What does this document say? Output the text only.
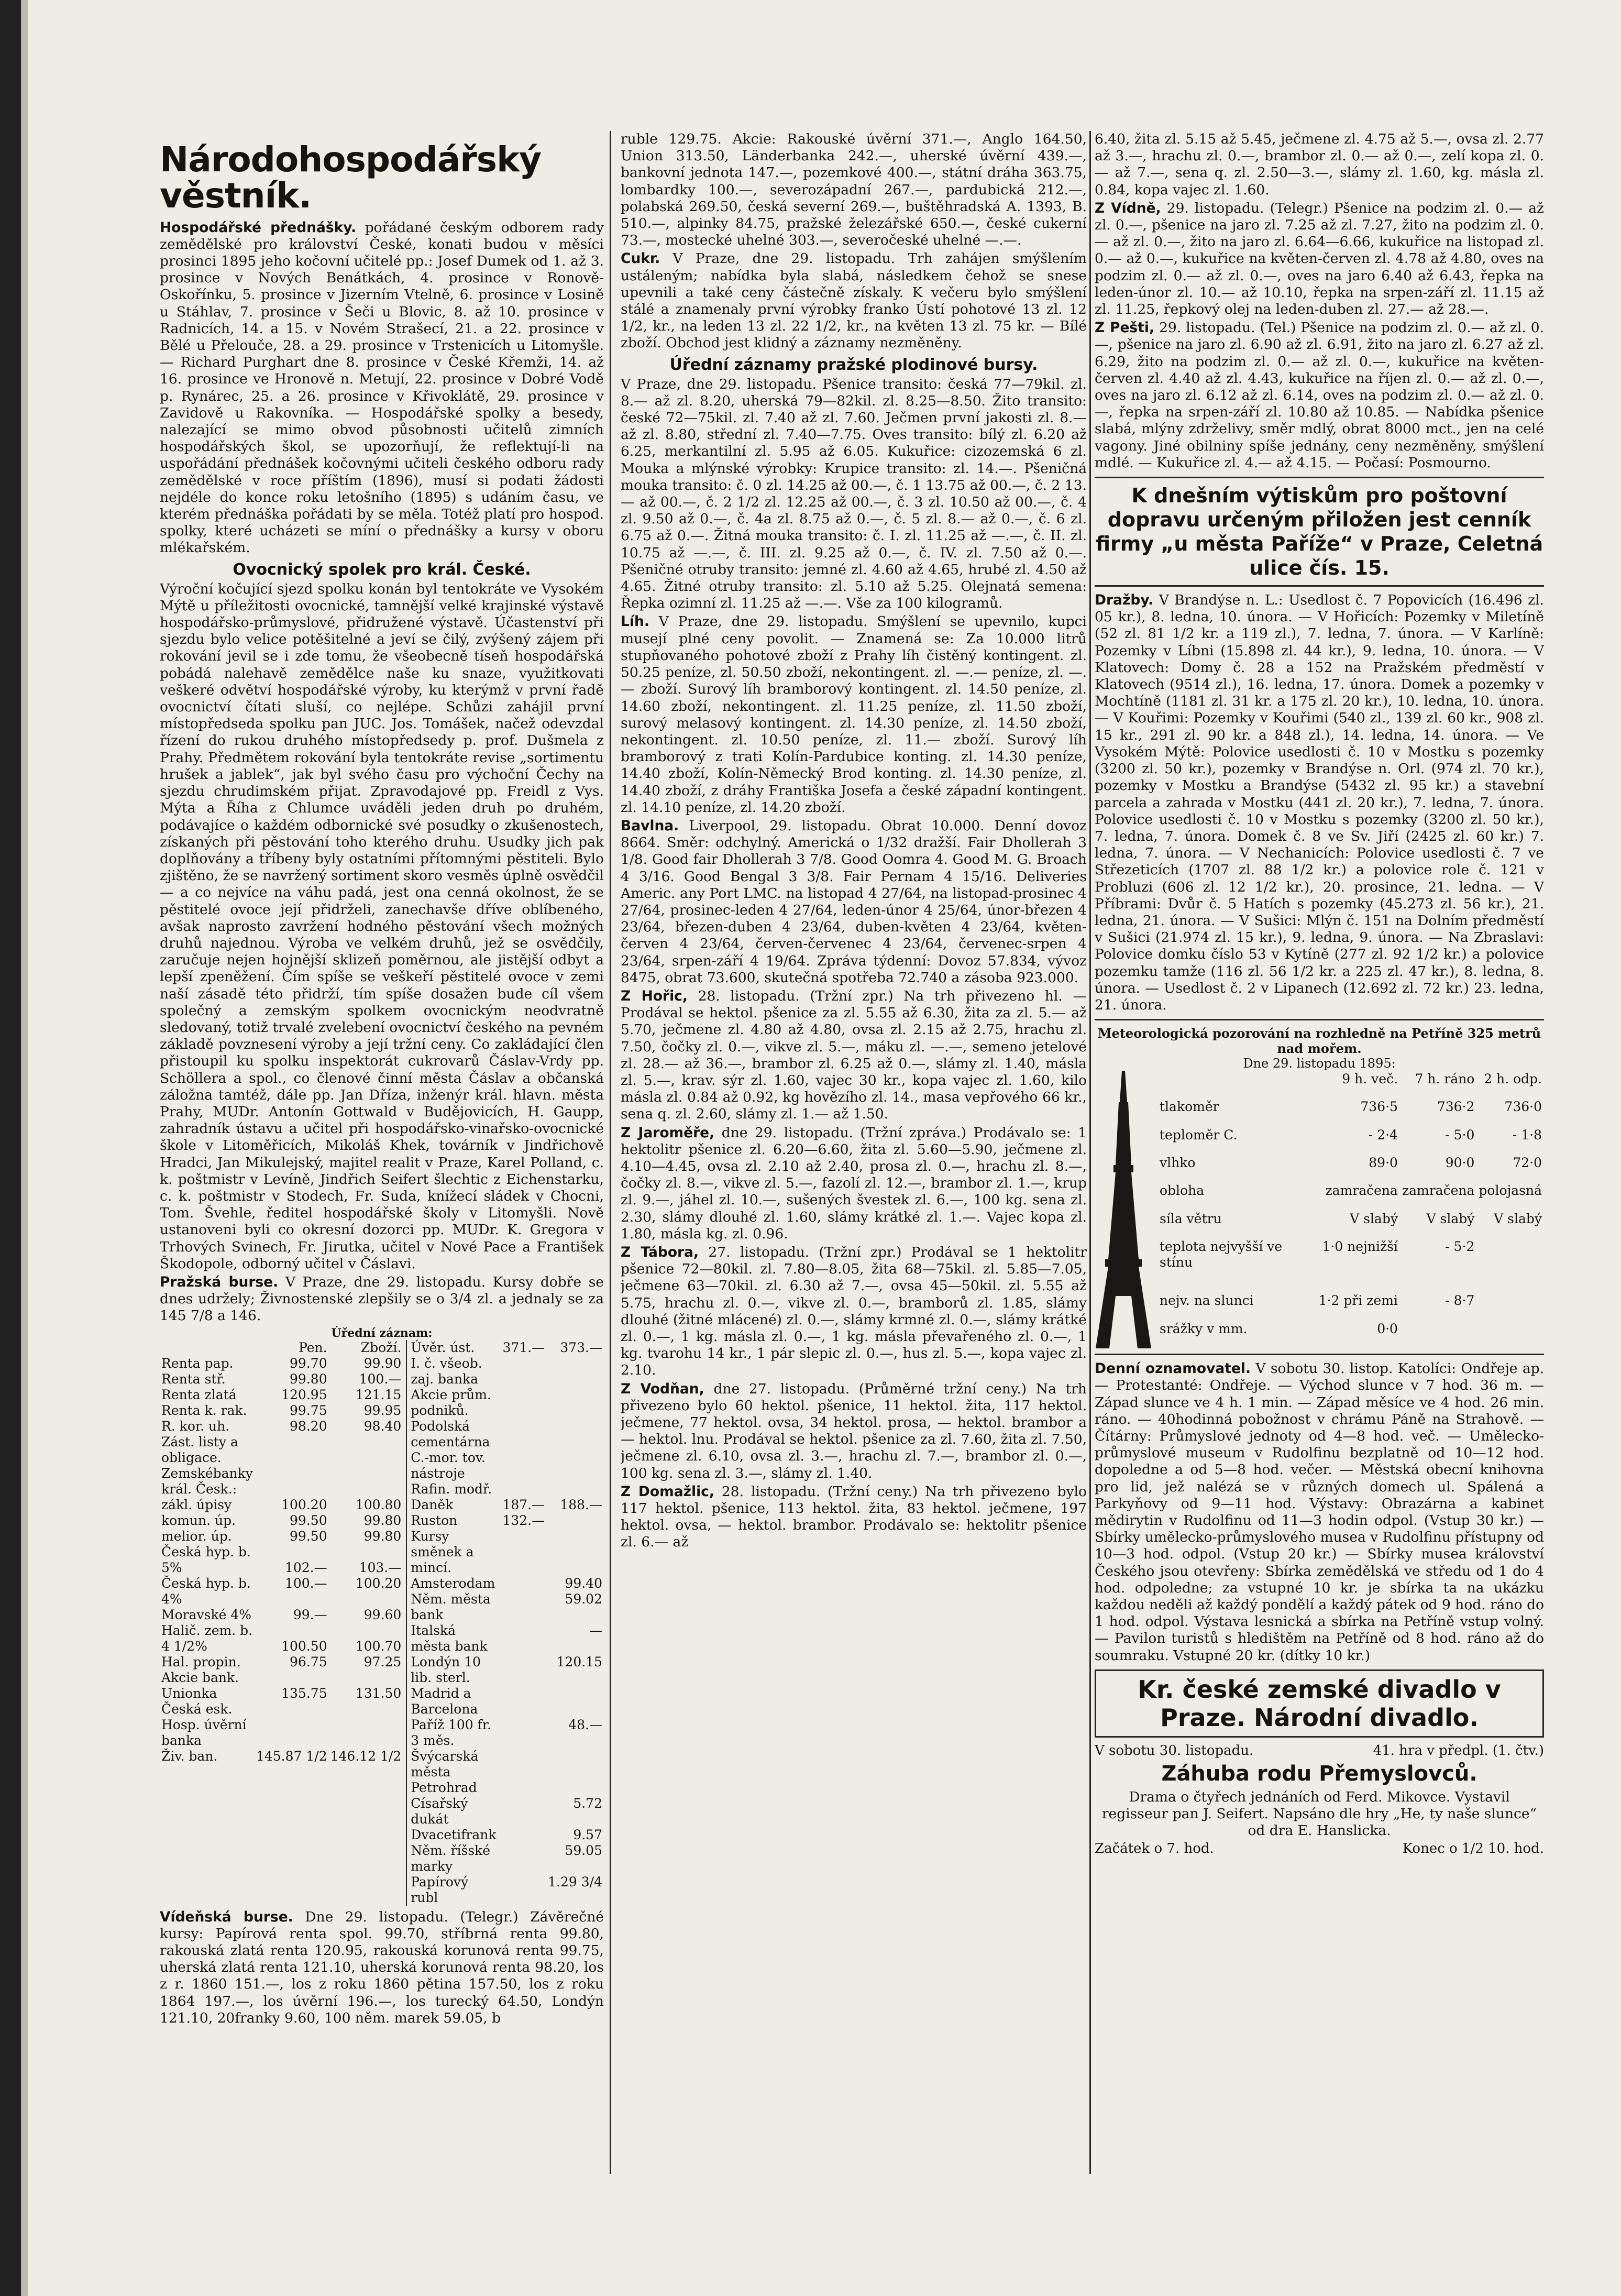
Národohospodářský věstník.

Hospodářské přednášky. pořádané českým odborem rady zemědělské pro království České, konati budou v měsíci prosinci 1895 jeho kočovní učitelé pp.: Josef Dumek od 1. až 3. prosince v Nových Benátkách, 4. prosince v Ronově-Oskořínku, 5. prosince v Jizerním Vtelně, 6. prosince v Losině u Stáhlav, 7. prosince v Šeči u Blovic, 8. až 10. prosince v Radnicích, 14. a 15. v Novém Strašecí, 21. a 22. prosince v Bělé u Přelouče, 28. a 29. prosince v Trstenicích u Litomyšle. — Richard Purghart dne 8. prosince v České Křemži, 14. až 16. prosince ve Hronově n. Metují, 22. prosince v Dobré Vodě p. Rynárec, 25. a 26. prosince v Křivoklátě, 29. prosince v Zavidově u Rakovníka. — Hospodářské spolky a besedy, nalezající se mimo obvod působnosti učitelů zimních hospodářských škol, se upozorňují, že reflektují-li na uspořádání přednášek kočovnými učiteli českého odboru rady zemědělské v roce příštím (1896), musí si podati žádosti nejdéle do konce roku letošního (1895) s udáním času, ve kterém přednáška pořádati by se měla. Totéž platí pro hospod. spolky, které ucházeti se míní o přednášky a kursy v oboru mlékařském.

Ovocnický spolek pro král. České.

Výroční kočující sjezd spolku konán byl tentokráte ve Vysokém Mýtě u příležitosti ovocnické, tamnější velké krajinské výstavě hospodářsko-průmyslové, přidružené výstavě. Účastenství při sjezdu bylo velice potěšitelné a jeví se čilý, zvýšený zájem při rokování jevil se i zde tomu, že všeobecně tíseň hospodářská pobádá nalehavě zemědělce naše ku snaze, využitkovati veškeré odvětví hospodářské výroby, ku kterýmž v první řadě ovocnictví čítati sluší, co nejlépe. Schůzi zahájil první místopředseda spolku pan JUC. Jos. Tomášek, načež odevzdal řízení do rukou druhého místopředsedy p. prof. Dušmela z Prahy. Předmětem rokování byla tentokráte revise „sortimentu hrušek a jablek“, jak byl svého času pro výchoční Čechy na sjezdu chrudimském přijat. Zpravodajové pp. Freidl z Vys. Mýta a Říha z Chlumce uváděli jeden druh po druhém, podávajíce o každém odbornické své posudky o zkušenostech, získaných při pěstování toho kterého druhu. Usudky jich pak doplňovány a tříbeny byly ostatními přítomnými pěstiteli. Bylo zjištěno, že se navržený sortiment skoro vesměs úplně osvědčil — a co nejvíce na váhu padá, jest ona cenná okolnost, že se pěstitelé ovoce její přidrželi, zanechavše dříve oblíbeného, avšak naprosto zavržení hodného pěstování všech možných druhů najednou. Výroba ve velkém druhů, jež se osvědčily, zaručuje nejen hojnější sklizeň poměrnou, ale jistější odbyt a lepší zpeněžení. Čím spíše se veškeří pěstitelé ovoce v zemi naší zásadě této přidrží, tím spíše dosažen bude cíl všem společný a zemským spolkem ovocnickým neodvratně sledovaný, totiž trvalé zvelebení ovocnictví českého na pevném základě povznesení výroby a její tržní ceny. Co zakládající člen přistoupil ku spolku inspektorát cukrovarů Čáslav-Vrdy pp. Schöllera a spol., co členové činní města Čáslav a občanská záložna tamtéž, dále pp. Jan Dříza, inženýr král. hlavn. města Prahy, MUDr. Antonín Gottwald v Budějovicích, H. Gaupp, zahradník ústavu a učitel při hospodářsko-vinařsko-ovocnické škole v Litoměřicích, Mikoláš Khek, továrník v Jindřichově Hradci, Jan Mikulejský, majitel realit v Praze, Karel Polland, c. k. poštmistr v Levíně, Jindřich Seifert šlechtic z Eichenstarku, c. k. poštmistr v Stodech, Fr. Suda, knížecí sládek v Chocni, Tom. Švehle, ředitel hospodářské školy v Litomyšli. Nově ustanoveni byli co okresní dozorci pp. MUDr. K. Gregora v Trhových Svinech, Fr. Jirutka, učitel v Nové Pace a František Škodopole, odborný učitel v Čáslavi.

Pražská burse. V Praze, dne 29. listopadu. Kursy dobře se dnes udržely; Živnostenské zlepšily se o 3/4 zl. a jednaly se za 145 7/8 a 146.

Úřední záznam:
	Pen.	Zboží.
Renta pap.	99.70	99.90
Renta stř.	99.80	100.—
Renta zlatá	120.95	121.15
Renta k. rak.	99.75	99.95
R. kor. uh.	98.20	98.40
Zást. listy a obligace.		
Zemskébanky král. Česk.:		
zákl. úpisy	100.20	100.80
komun. úp.	99.50	99.80
melior. úp.	99.50	99.80
Česká hyp. b.		
5%	102.—	103.—
Česká hyp. b. 4%	100.—	100.20
Moravské 4%	99.—	99.60
Halič. zem. b.		
4 1/2%	100.50	100.70
Hal. propin.	96.75	97.25
Akcie bank.		
Unionka	135.75	131.50
Česká esk.		
Hosp. úvěrní banka		
Živ. ban.	145.87 1/2	146.12 1/2
Úvěr. úst.	371.—	373.—
I. č. všeob. zaj. banka		
Akcie prům. podniků.		
Podolská cementárna		
C.-mor. tov. nástroje		
Rafin. modř.		
Daněk	187.—	188.—
Ruston	132.—	
Kursy směnek a mincí.		
Amsterodam		99.40
Něm. města bank		59.02
Italská města bank		—
Londýn 10 lib. sterl.		120.15
Madrid a Barcelona		
Paříž 100 fr. 3 měs.		48.—
Švýcarská města		
Petrohrad		
Císařský dukát		5.72
Dvacetifrank		9.57
Něm. říšské marky		59.05
Papírový rubl		1.29 3/4

Vídeňská burse. Dne 29. listopadu. (Telegr.) Závěrečné kursy: Papírová renta spol. 99.70, stříbrná renta 99.80, rakouská zlatá renta 120.95, rakouská korunová renta 99.75, uherská zlatá renta 121.10, uherská korunová renta 98.20, los z r. 1860 151.—, los z roku 1860 pětina 157.50, los z roku 1864 197.—, los úvěrní 196.—, los turecký 64.50, Londýn 121.10, 20franky 9.60, 100 něm. marek 59.05, b

ruble 129.75. Akcie: Rakouské úvěrní 371.—, Anglo 164.50, Union 313.50, Länderbanka 242.—, uherské úvěrní 439.—, bankovní jednota 147.—, pozemkové 400.—, státní dráha 363.75, lombardky 100.—, severozápadní 267.—, pardubická 212.—, polabská 269.50, česká severní 269.—, buštěhradská A. 1393, B. 510.—, alpinky 84.75, pražské železářské 650.—, české cukerní 73.—, mostecké uhelné 303.—, severočeské uhelné —.—.

Cukr. V Praze, dne 29. listopadu. Trh zahájen smýšlením ustáleným; nabídka byla slabá, následkem čehož se snese upevnili a také ceny částečně získaly. K večeru bylo smýšlení stálé a znamenaly první výrobky franko Ústí pohotové 13 zl. 12 1/2, kr., na leden 13 zl. 22 1/2, kr., na květen 13 zl. 75 kr. — Bílé zboží. Obchod jest klidný a záznamy nezměněny.

Úřední záznamy pražské plodinové bursy.

V Praze, dne 29. listopadu. Pšenice transito: česká 77—79kil. zl. 8.— až zl. 8.20, uherská 79—82kil. zl. 8.25—8.50. Žito transito: české 72—75kil. zl. 7.40 až zl. 7.60. Ječmen první jakosti zl. 8.— až zl. 8.80, střední zl. 7.40—7.75. Oves transito: bílý zl. 6.20 až 6.25, merkantilní zl. 5.95 až 6.05. Kukuřice: cizozemská 6 zl. Mouka a mlýnské výrobky: Krupice transito: zl. 14.—. Pšeničná mouka transito: č. 0 zl. 14.25 až 00.—, č. 1 13.75 až 00.—, č. 2 13.— až 00.—, č. 2 1/2 zl. 12.25 až 00.—, č. 3 zl. 10.50 až 00.—, č. 4 zl. 9.50 až 0.—, č. 4a zl. 8.75 až 0.—, č. 5 zl. 8.— až 0.—, č. 6 zl. 6.75 až 0.—. Žitná mouka transito: č. I. zl. 11.25 až —.—, č. II. zl. 10.75 až —.—, č. III. zl. 9.25 až 0.—, č. IV. zl. 7.50 až 0.—. Pšeničné otruby transito: jemné zl. 4.60 až 4.65, hrubé zl. 4.50 až 4.65. Žitné otruby transito: zl. 5.10 až 5.25. Olejnatá semena: Řepka ozimní zl. 11.25 až —.—. Vše za 100 kilogramů.

Líh. V Praze, dne 29. listopadu. Smýšlení se upevnilo, kupci musejí plné ceny povolit. — Znamená se: Za 10.000 litrů stupňovaného pohotové zboží z Prahy líh čistěný kontingent. zl. 50.25 peníze, zl. 50.50 zboží, nekontingent. zl. —.— peníze, zl. —.— zboží. Surový líh bramborový kontingent. zl. 14.50 peníze, zl. 14.60 zboží, nekontingent. zl. 11.25 peníze, zl. 11.50 zboží, surový melasový kontingent. zl. 14.30 peníze, zl. 14.50 zboží, nekontingent. zl. 10.50 peníze, zl. 11.— zboží. Surový líh bramborový z trati Kolín-Pardubice konting. zl. 14.30 peníze, 14.40 zboží, Kolín-Německý Brod konting. zl. 14.30 peníze, zl. 14.40 zboží, z dráhy Františka Josefa a české západní kontingent. zl. 14.10 peníze, zl. 14.20 zboží.

Bavlna. Liverpool, 29. listopadu. Obrat 10.000. Denní dovoz 8664. Směr: odchylný. Americká o 1/32 dražší. Fair Dhollerah 3 1/8. Good fair Dhollerah 3 7/8. Good Oomra 4. Good M. G. Broach 4 3/16. Good Bengal 3 3/8. Fair Pernam 4 15/16. Deliveries Americ. any Port LMC. na listopad 4 27/64, na listopad-prosinec 4 27/64, prosinec-leden 4 27/64, leden-únor 4 25/64, únor-březen 4 23/64, březen-duben 4 23/64, duben-květen 4 23/64, květen-červen 4 23/64, červen-červenec 4 23/64, červenec-srpen 4 23/64, srpen-září 4 19/64. Zpráva týdenní: Dovoz 57.834, vývoz 8475, obrat 73.600, skutečná spotřeba 72.740 a zásoba 923.000.

Z Hořic, 28. listopadu. (Tržní zpr.) Na trh přivezeno hl. — Prodával se hektol. pšenice za zl. 5.55 až 6.30, žita za zl. 5.— až 5.70, ječmene zl. 4.80 až 4.80, ovsa zl. 2.15 až 2.75, hrachu zl. 7.50, čočky zl. 0.—, vikve zl. 5.—, máku zl. —.—, semeno jetelové zl. 28.— až 36.—, brambor zl. 6.25 až 0.—, slámy zl. 1.40, másla zl. 5.—, krav. sýr zl. 1.60, vajec 30 kr., kopa vajec zl. 1.60, kilo másla zl. 0.84 až 0.92, kg hovězího zl. 14., masa vepřového 66 kr., sena q. zl. 2.60, slámy zl. 1.— až 1.50.

Z Jaroměře, dne 29. listopadu. (Tržní zpráva.) Prodávalo se: 1 hektolitr pšenice zl. 6.20—6.60, žita zl. 5.60—5.90, ječmene zl. 4.10—4.45, ovsa zl. 2.10 až 2.40, prosa zl. 0.—, hrachu zl. 8.—, čočky zl. 8.—, vikve zl. 5.—, fazolí zl. 12.—, brambor zl. 1.—, krup zl. 9.—, jáhel zl. 10.—, sušených švestek zl. 6.—, 100 kg. sena zl. 2.30, slámy dlouhé zl. 1.60, slámy krátké zl. 1.—. Vajec kopa zl. 1.80, másla kg. zl. 0.96.

Z Tábora, 27. listopadu. (Tržní zpr.) Prodával se 1 hektolitr pšenice 72—80kil. zl. 7.80—8.05, žita 68—75kil. zl. 5.85—7.05, ječmene 63—70kil. zl. 6.30 až 7.—, ovsa 45—50kil. zl. 5.55 až 5.75, hrachu zl. 0.—, vikve zl. 0.—, bramborů zl. 1.85, slámy dlouhé (žitné mlácené) zl. 0.—, slámy krmné zl. 0.—, slámy krátké zl. 0.—, 1 kg. másla zl. 0.—, 1 kg. másla převařeného zl. 0.—, 1 kg. tvarohu 14 kr., 1 pár slepic zl. 0.—, hus zl. 5.—, kopa vajec zl. 2.10.

Z Vodňan, dne 27. listopadu. (Průměrné tržní ceny.) Na trh přivezeno bylo 60 hektol. pšenice, 11 hektol. žita, 117 hektol. ječmene, 77 hektol. ovsa, 34 hektol. prosa, — hektol. brambor a — hektol. lnu. Prodával se hektol. pšenice za zl. 7.60, žita zl. 7.50, ječmene zl. 6.10, ovsa zl. 3.—, hrachu zl. 7.—, brambor zl. 0.—, 100 kg. sena zl. 3.—, slámy zl. 1.40.

Z Domažlic, 28. listopadu. (Tržní ceny.) Na trh přivezeno bylo 117 hektol. pšenice, 113 hektol. žita, 83 hektol. ječmene, 197 hektol. ovsa, — hektol. brambor. Prodávalo se: hektolitr pšenice zl. 6.— až

6.40, žita zl. 5.15 až 5.45, ječmene zl. 4.75 až 5.—, ovsa zl. 2.77 až 3.—, hrachu zl. 0.—, brambor zl. 0.— až 0.—, zelí kopa zl. 0.— až 7.—, sena q. zl. 2.50—3.—, slámy zl. 1.60, kg. másla zl. 0.84, kopa vajec zl. 1.60.

Z Vídně, 29. listopadu. (Telegr.) Pšenice na podzim zl. 0.— až zl. 0.—, pšenice na jaro zl. 7.25 až zl. 7.27, žito na podzim zl. 0.— až zl. 0.—, žito na jaro zl. 6.64—6.66, kukuřice na listopad zl. 0.— až 0.—, kukuřice na květen-červen zl. 4.78 až 4.80, oves na podzim zl. 0.— až zl. 0.—, oves na jaro 6.40 až 6.43, řepka na leden-únor zl. 10.— až 10.10, řepka na srpen-září zl. 11.15 až zl. 11.25, řepkový olej na leden-duben zl. 27.— až 28.—.

Z Pešti, 29. listopadu. (Tel.) Pšenice na podzim zl. 0.— až zl. 0.—, pšenice na jaro zl. 6.90 až zl. 6.91, žito na jaro zl. 6.27 až zl. 6.29, žito na podzim zl. 0.— až zl. 0.—, kukuřice na květen-červen zl. 4.40 až zl. 4.43, kukuřice na říjen zl. 0.— až zl. 0.—, oves na jaro zl. 6.12 až zl. 6.14, oves na podzim zl. 0.— až zl. 0.—, řepka na srpen-září zl. 10.80 až 10.85. — Nabídka pšenice slabá, mlýny zdrželivy, směr mdlý, obrat 8000 mct., jen na celé vagony. Jiné obilniny spíše jednány, ceny nezměněny, smýšlení mdlé. — Kukuřice zl. 4.— až 4.15. — Počasí: Posmourno.

K dnešním výtiskům pro poštovní dopravu určeným přiložen jest cenník firmy „u města Paříže“ v Praze, Celetná ulice čís. 15.

Dražby. V Brandýse n. L.: Usedlost č. 7 Popovicích (16.496 zl. 05 kr.), 8. ledna, 10. února. — V Hořicích: Pozemky v Miletíně (52 zl. 81 1/2 kr. a 119 zl.), 7. ledna, 7. února. — V Karlíně: Pozemky v Líbni (15.898 zl. 44 kr.), 9. ledna, 10. února. — V Klatovech: Domy č. 28 a 152 na Pražském předměstí v Klatovech (9514 zl.), 16. ledna, 17. února. Domek a pozemky v Mochtíně (1181 zl. 31 kr. a 175 zl. 20 kr.), 10. ledna, 10. února. — V Kouřimi: Pozemky v Kouřimi (540 zl., 139 zl. 60 kr., 908 zl. 15 kr., 291 zl. 90 kr. a 848 zl.), 14. ledna, 14. února. — Ve Vysokém Mýtě: Polovice usedlosti č. 10 v Mostku s pozemky (3200 zl. 50 kr.), pozemky v Brandýse n. Orl. (974 zl. 70 kr.), pozemky v Mostku a Brandýse (5432 zl. 95 kr.) a stavební parcela a zahrada v Mostku (441 zl. 20 kr.), 7. ledna, 7. února. Polovice usedlosti č. 10 v Mostku s pozemky (3200 zl. 50 kr.), 7. ledna, 7. února. Domek č. 8 ve Sv. Jiří (2425 zl. 60 kr.) 7. ledna, 7. února. — V Nechanicích: Polovice usedlosti č. 7 ve Střezeticích (1707 zl. 88 1/2 kr.) a polovice role č. 121 v Probluzi (606 zl. 12 1/2 kr.), 20. prosince, 21. ledna. — V Příbrami: Dvůr č. 5 Hatích s pozemky (45.273 zl. 56 kr.), 21. ledna, 21. února. — V Sušici: Mlýn č. 151 na Dolním předměstí v Sušici (21.974 zl. 15 kr.), 9. ledna, 9. února. — Na Zbraslavi: Polovice domku číslo 53 v Kytíně (277 zl. 92 1/2 kr.) a polovice pozemku tamže (116 zl. 56 1/2 kr. a 225 zl. 47 kr.), 8. ledna, 8. února. — Usedlost č. 2 v Lipanech (12.692 zl. 72 kr.) 23. ledna, 21. února.

Meteorologická pozorování na rozhledně na Petříně 325 metrů nad mořem.
Dne 29. listopadu 1895:
	9 h. več.	7 h. ráno	2 h. odp.
tlakoměr	736·5	736·2	736·0
teploměr C.	- 2·4	- 5·0	- 1·8
vlhko	89·0	90·0	72·0
obloha	zamračena	zamračena	polojasná
síla větru	V slabý	V slabý	V slabý
teplota nejvyšší ve stínu	1·0 nejnižší	- 5·2	
nejv. na slunci	1·2 při zemi	- 8·7	
srážky v mm.	0·0		

Denní oznamovatel. V sobotu 30. listop. Katolíci: Ondřeje ap. — Protestanté: Ondřeje. — Východ slunce v 7 hod. 36 m. — Západ slunce ve 4 h. 1 min. — Západ měsíce ve 4 hod. 26 min. ráno. — 40hodinná pobožnost v chrámu Páně na Strahově. — Čítárny: Průmyslové jednoty od 4—8 hod. več. — Umělecko-průmyslové museum v Rudolfinu bezplatně od 10—12 hod. dopoledne a od 5—8 hod. večer. — Městská obecní knihovna pro lid, jež nalézá se v různých domech ul. Spálená a Parkyňovy od 9—11 hod. Výstavy: Obrazárna a kabinet mědirytin v Rudolfinu od 11—3 hodin odpol. (Vstup 30 kr.) — Sbírky umělecko-průmyslového musea v Rudolfinu přístupny od 10—3 hod. odpol. (Vstup 20 kr.) — Sbírky musea království Českého jsou otevřeny: Sbírka zemědělská ve středu od 1 do 4 hod. odpoledne; za vstupné 10 kr. je sbírka ta na ukázku každou neděli až každý pondělí a každý pátek od 9 hod. ráno do 1 hod. odpol. Výstava lesnická a sbírka na Petříně vstup volný. — Pavilon turistů s hledištěm na Petříně od 8 hod. ráno až do soumraku. Vstupné 20 kr. (dítky 10 kr.)

Kr. české zemské divadlo v Praze. Národní divadlo.
V sobotu 30. listopadu.	41. hra v předpl. (1. čtv.)
Záhuba rodu Přemyslovců.

Drama o čtyřech jednáních od Ferd. Mikovce. Vystavil regisseur pan J. Seifert. Napsáno dle hry „He, ty naše slunce“ od dra E. Hanslicka.

Začátek o 7. hod.	Konec o 1/2 10. hod.
